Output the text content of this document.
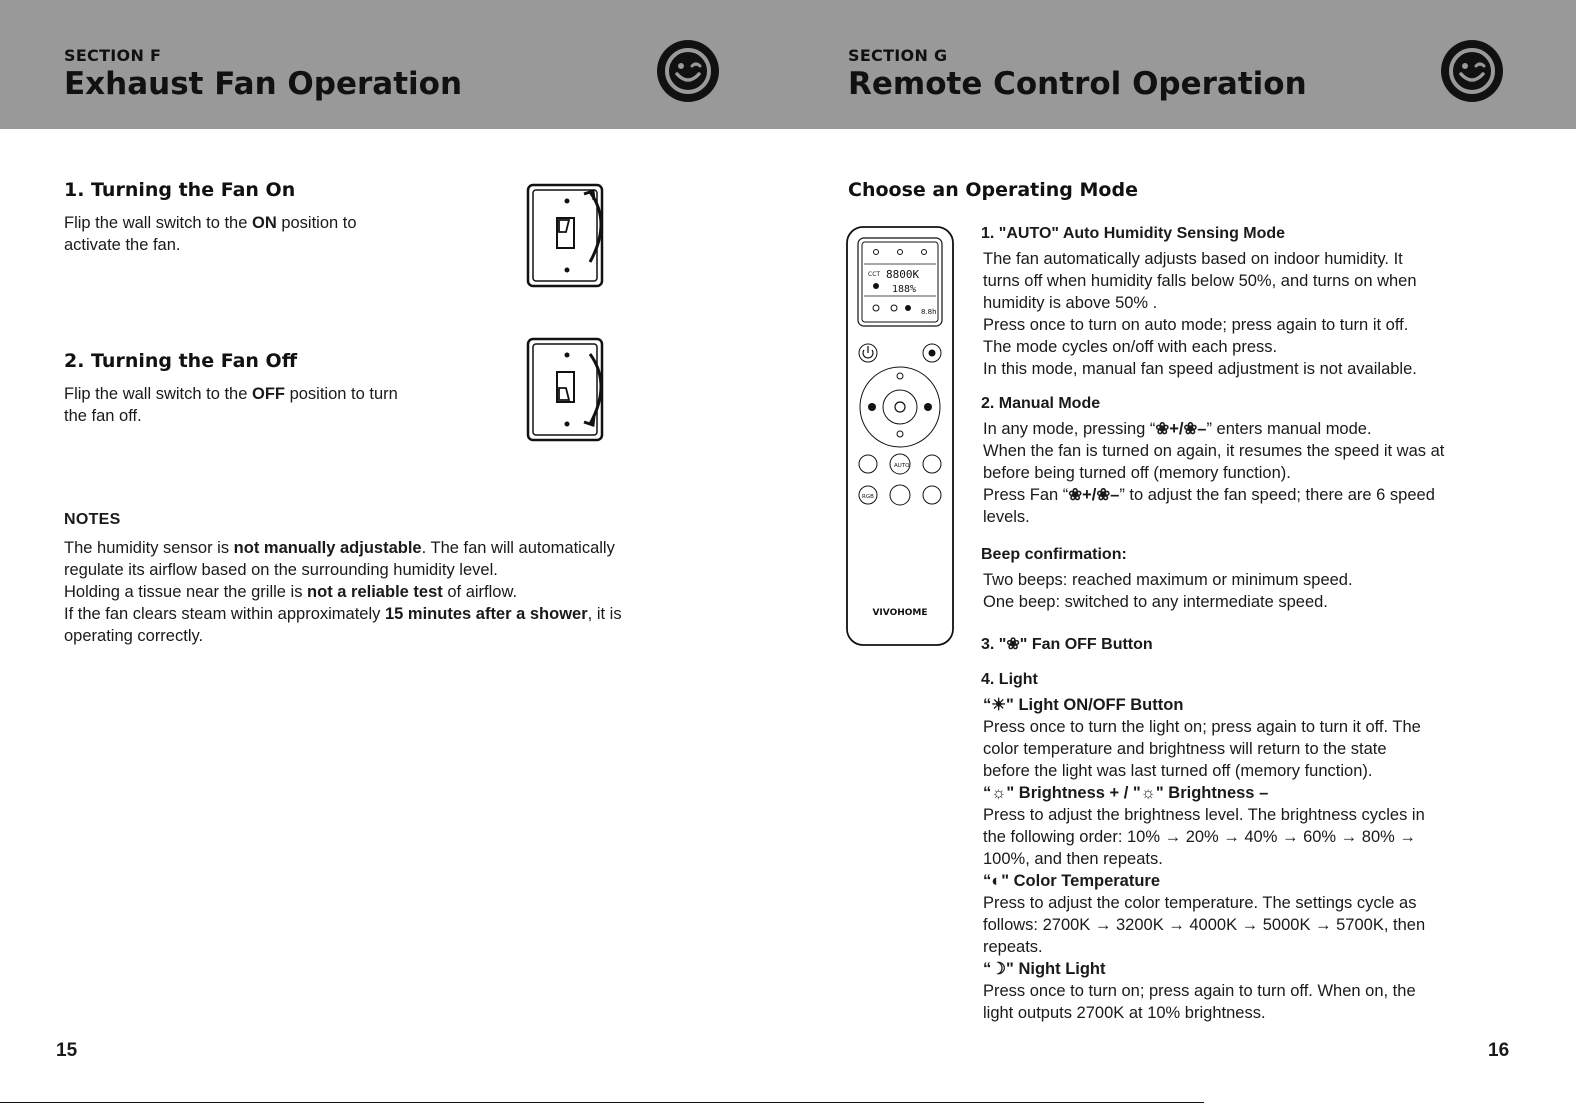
SECTION F
Exhaust Fan Operation
SECTION G
Remote Control Operation
1. Turning the Fan On
Flip the wall switch to the ON position to
activate the fan.
2. Turning the Fan Off
Flip the wall switch to the OFF position to turn
the fan off.
NOTES
The humidity sensor is not manually adjustable. The fan will automatically
regulate its airflow based on the surrounding humidity level.
Holding a tissue near the grille is not a reliable test of airflow.
If the fan clears steam within approximately 15 minutes after a shower, it is
operating correctly.
15
Choose an Operating Mode
CCT 8800K
188%
8.8h
AUTO
RGB
VIVOHOME
1. "AUTO" Auto Humidity Sensing Mode
The fan automatically adjusts based on indoor humidity. It
turns off when humidity falls below 50%, and turns on when
humidity is above 50% .
Press once to turn on auto mode; press again to turn it off.
The mode cycles on/off with each press.
In this mode, manual fan speed adjustment is not available.
2. Manual Mode
In any mode, pressing “❀+/❀–” enters manual mode.
When the fan is turned on again, it resumes the speed it was at
before being turned off (memory function).
Press Fan “❀+/❀–” to adjust the fan speed; there are 6 speed
levels.
Beep confirmation:
Two beeps: reached maximum or minimum speed.
One beep: switched to any intermediate speed.
3. "❀" Fan OFF Button
4. Light
“☀" Light ON/OFF Button
Press once to turn the light on; press again to turn it off. The
color temperature and brightness will return to the state
before the light was last turned off (memory function).
“☼" Brightness + / "☼" Brightness –
Press to adjust the brightness level. The brightness cycles in
the following order: 10% → 20% → 40% → 60% → 80% →
100%, and then repeats.
“◐" Color Temperature
Press to adjust the color temperature. The settings cycle as
follows: 2700K → 3200K → 4000K → 5000K → 5700K, then
repeats.
“☽" Night Light
Press once to turn on; press again to turn off. When on, the
light outputs 2700K at 10% brightness.
16
